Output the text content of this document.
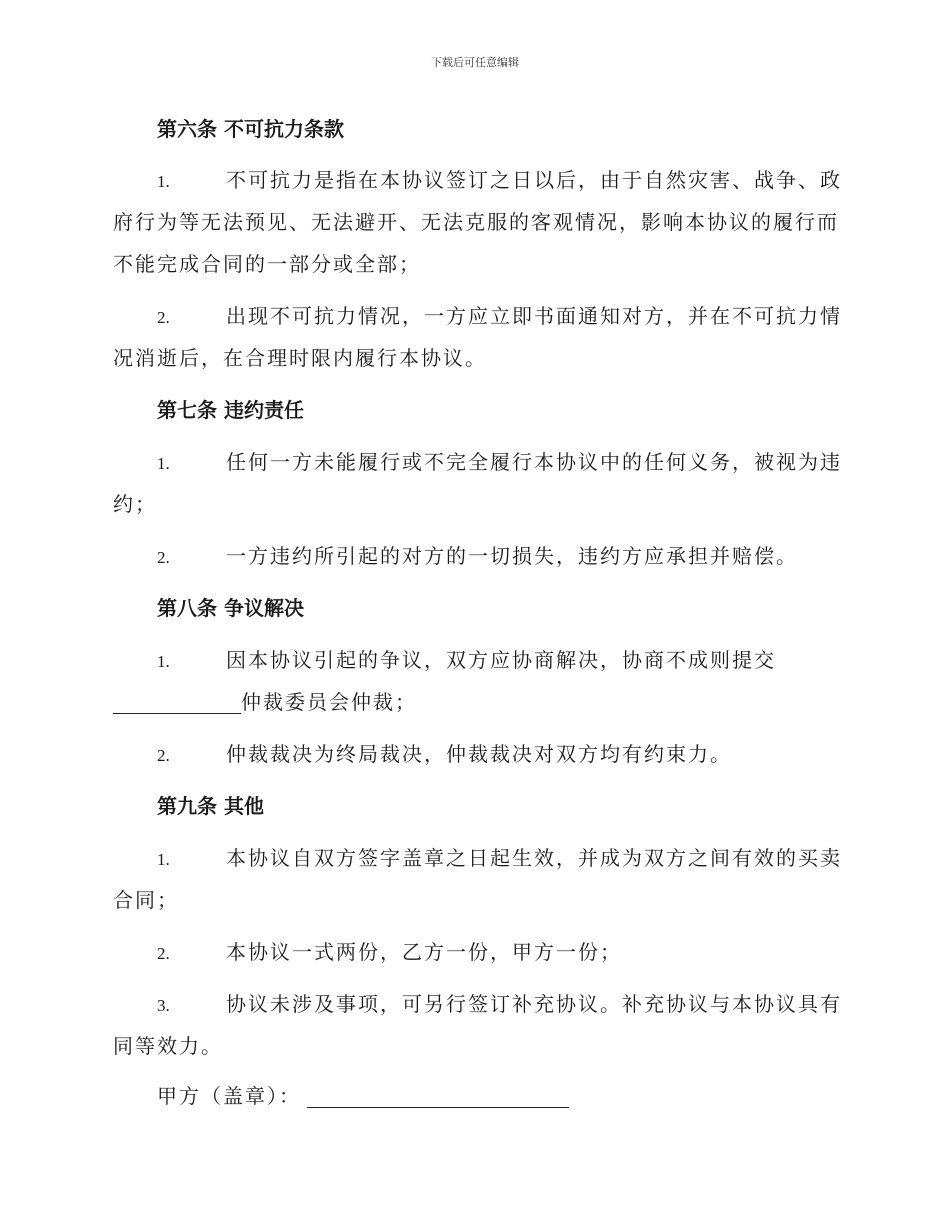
下载后可任意编辑
第六条 不可抗力条款
1.	不可抗力是指在本协议签订之日以后，由于自然灾害、战争、政
府行为等无法预见、无法避开、无法克服的客观情况，影响本协议的履行而
不能完成合同的一部分或全部；
2.	出现不可抗力情况，一方应立即书面通知对方，并在不可抗力情
况消逝后，在合理时限内履行本协议。
第七条 违约责任
1.	任何一方未能履行或不完全履行本协议中的任何义务，被视为违
约；
2.	一方违约所引起的对方的一切损失，违约方应承担并赔偿。
第八条 争议解决
1.	因本协议引起的争议，双方应协商解决，协商不成则提交
仲裁委员会仲裁；
2.	仲裁裁决为终局裁决，仲裁裁决对双方均有约束力。
第九条 其他
1.	本协议自双方签字盖章之日起生效，并成为双方之间有效的买卖
合同；
2.	本协议一式两份，乙方一份，甲方一份；
3.	协议未涉及事项，可另行签订补充协议。补充协议与本协议具有
同等效力。
甲方（盖章）：
